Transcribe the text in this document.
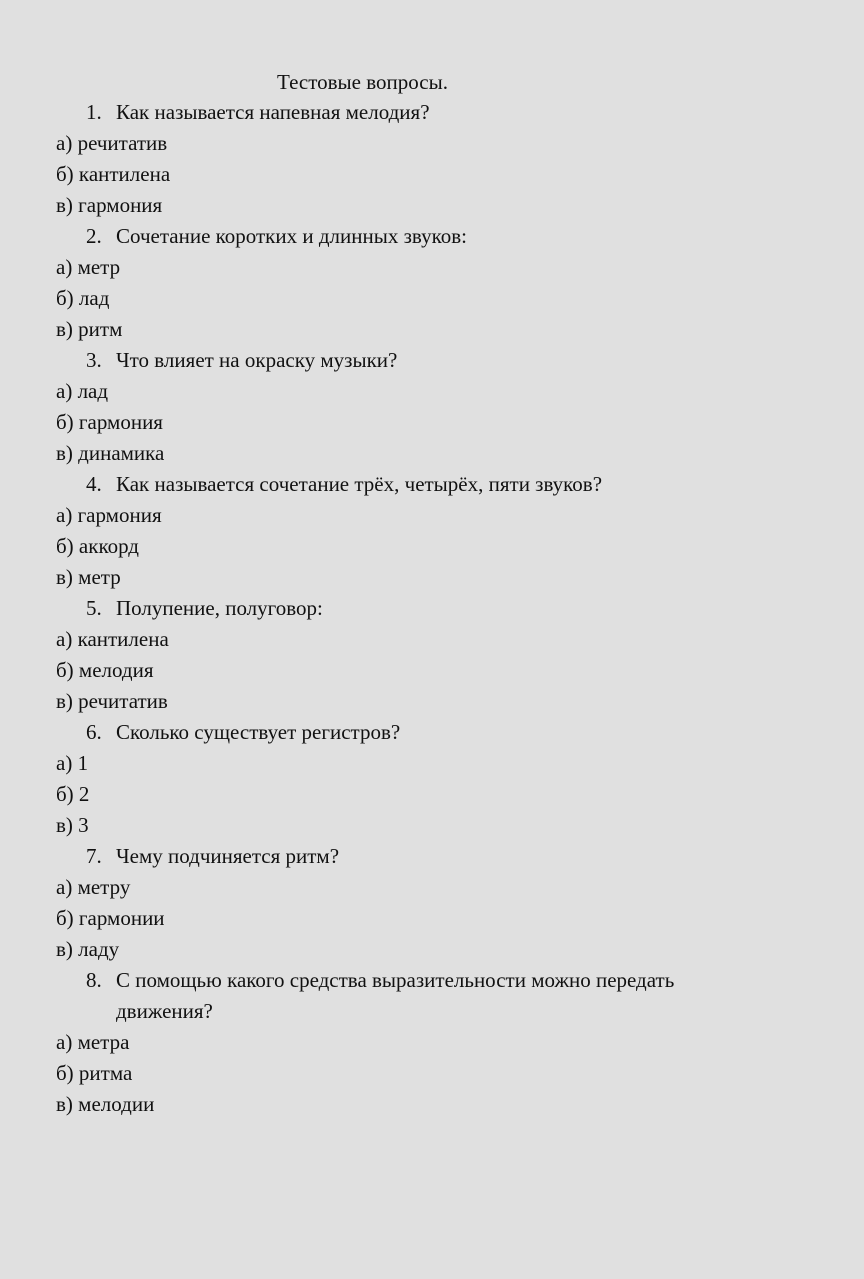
Тестовые вопросы.
1. Как называется напевная мелодия?
а) речитатив
б) кантилена
в) гармония
2. Сочетание коротких и длинных звуков:
а) метр
б) лад
в) ритм
3. Что влияет на окраску музыки?
а) лад
б) гармония
в) динамика
4. Как называется сочетание трёх, четырёх, пяти звуков?
а) гармония
б) аккорд
в) метр
5. Полупение, полуговор:
а) кантилена
б) мелодия
в) речитатив
6. Сколько существует регистров?
а) 1
б) 2
в) 3
7. Чему подчиняется ритм?
а) метру
б) гармонии
в) ладу
8. С помощью какого средства выразительности можно передать движения?
а) метра
б) ритма
в) мелодии
